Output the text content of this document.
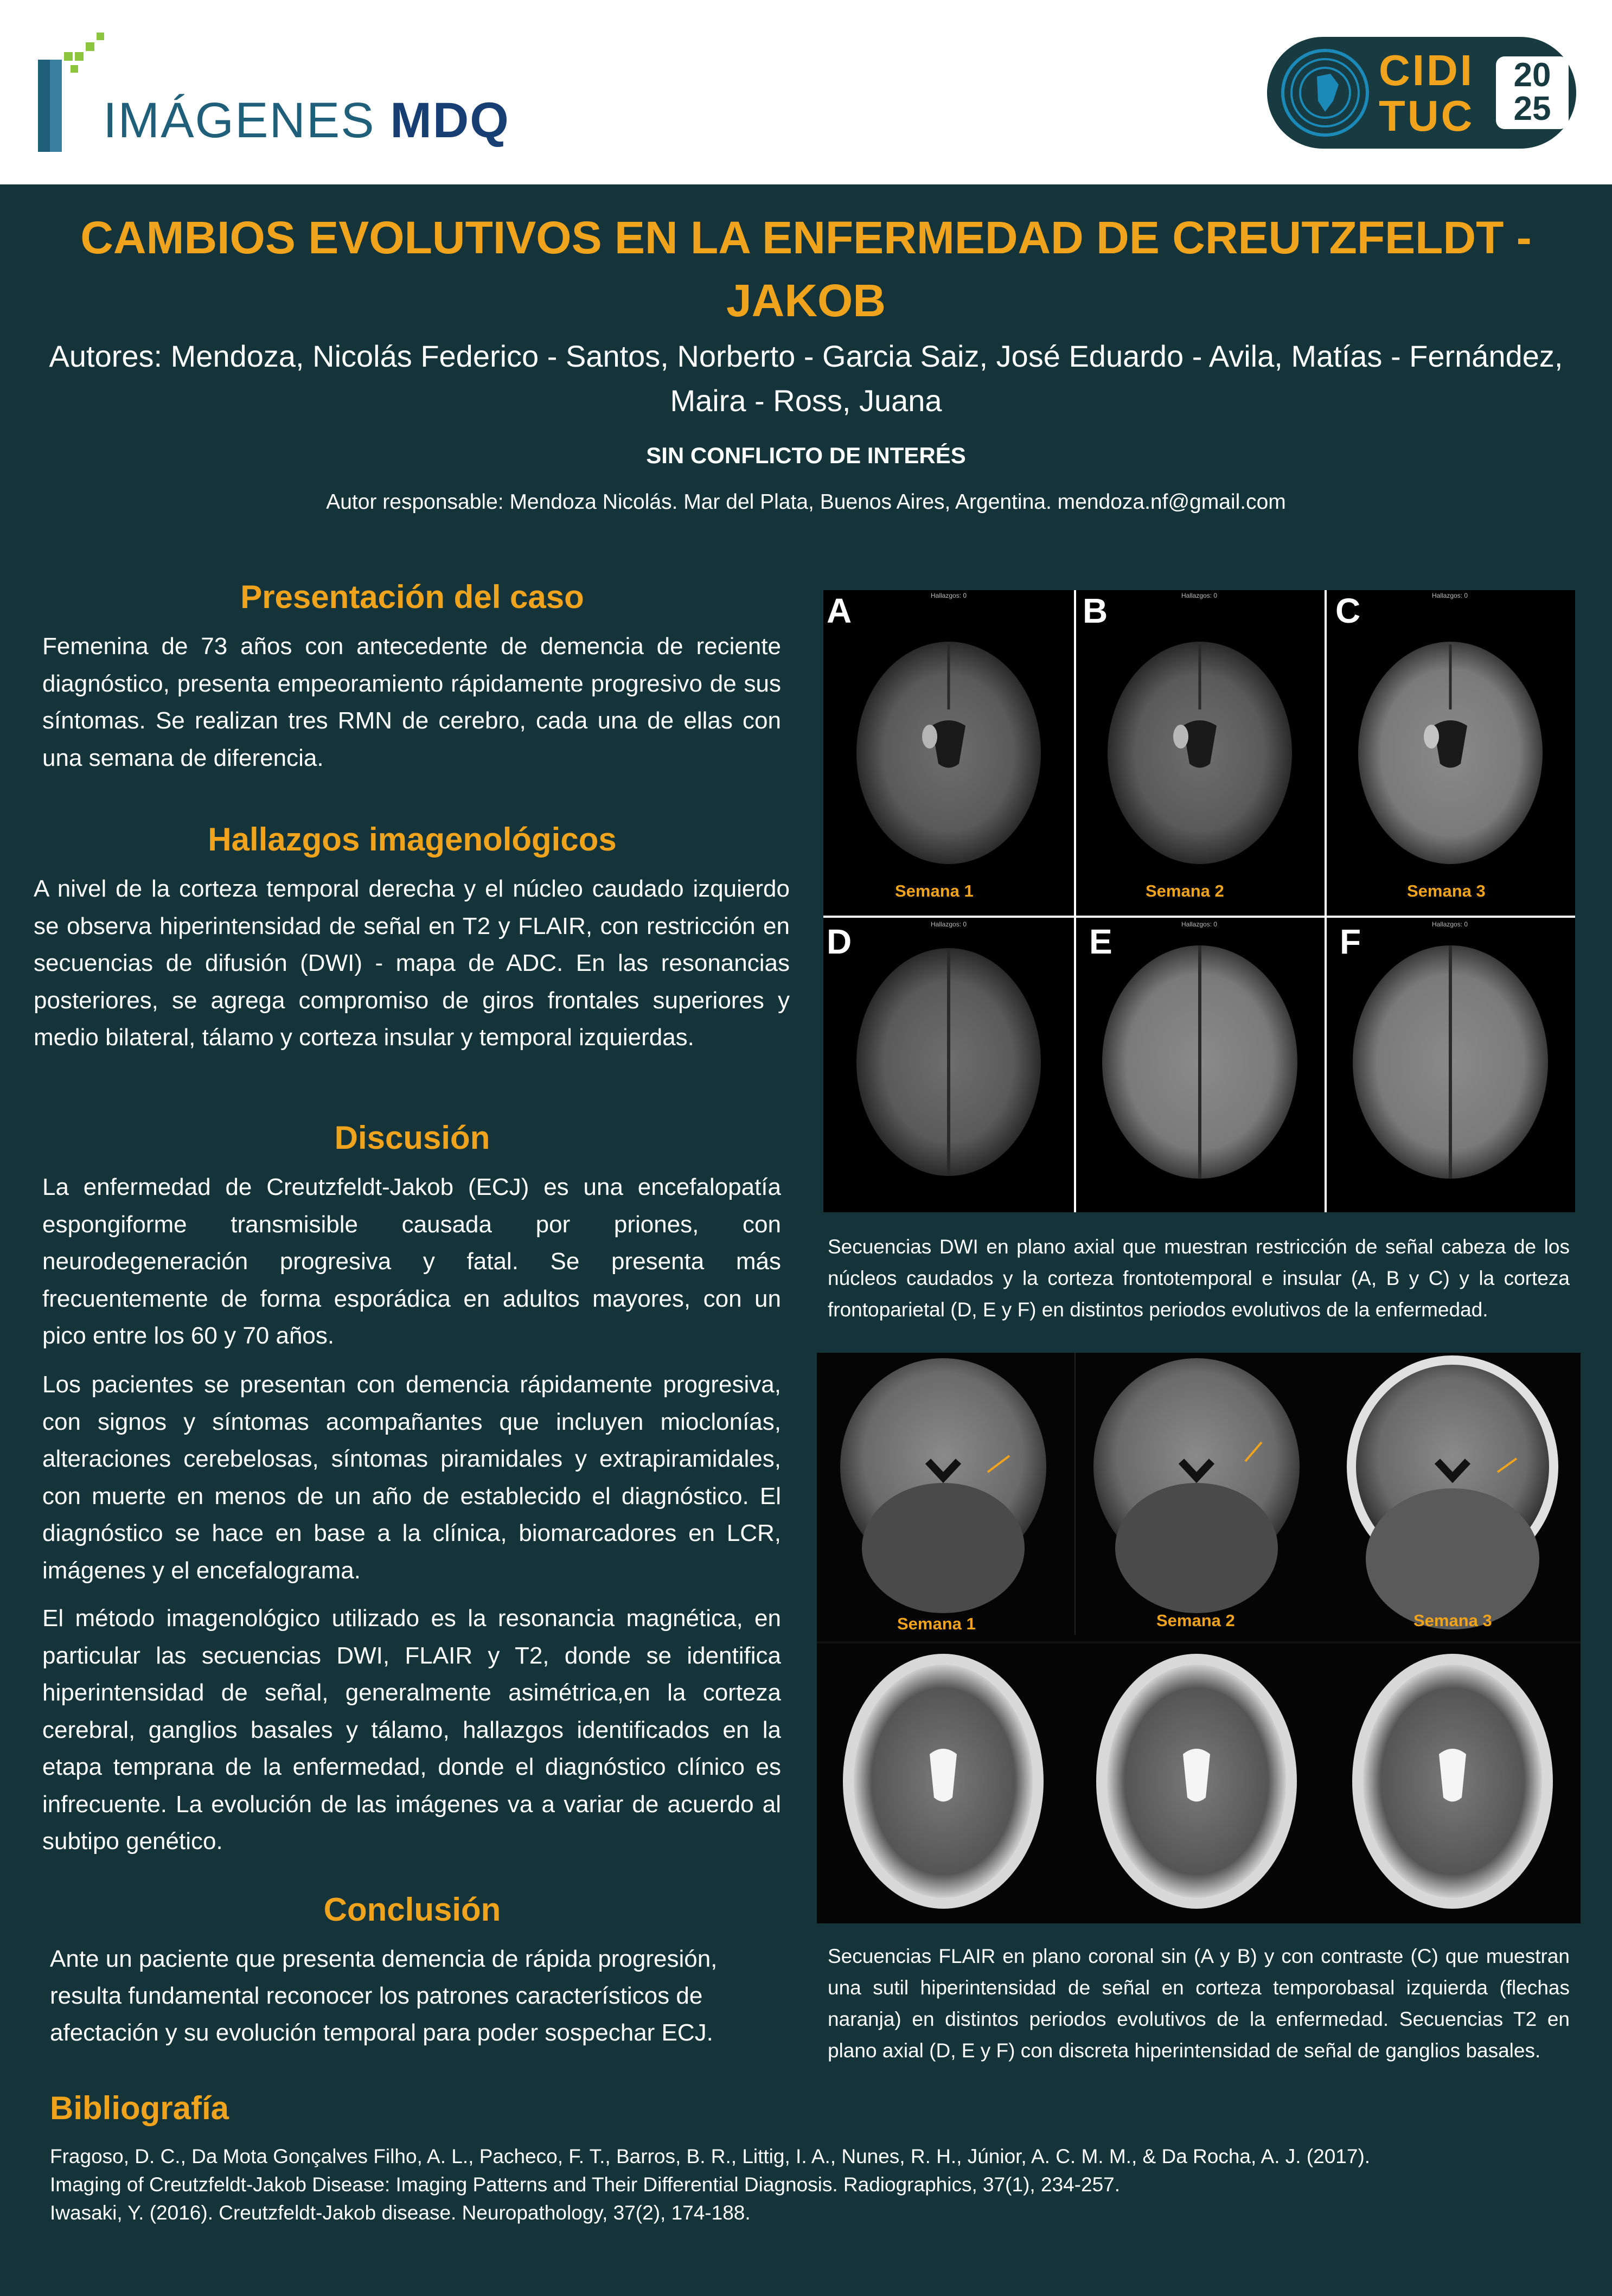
IMÁGENES MDQ
CIDI
TUC
20
25
CAMBIOS EVOLUTIVOS EN LA ENFERMEDAD DE CREUTZFELDT - JAKOB
Autores: Mendoza, Nicolás Federico - Santos, Norberto - Garcia Saiz, José Eduardo - Avila, Matías - Fernández, Maira - Ross, Juana
SIN CONFLICTO DE INTERÉS
Autor responsable: Mendoza Nicolás. Mar del Plata, Buenos Aires, Argentina. mendoza.nf@gmail.com
Presentación del caso

Femenina de 73 años con antecedente de demencia de reciente diagnóstico, presenta empeoramiento rápidamente progresivo de sus síntomas. Se realizan tres RMN de cerebro, cada una de ellas con una semana de diferencia.

Hallazgos imagenológicos

A nivel de la corteza temporal derecha y el núcleo caudado izquierdo se observa hiperintensidad de señal en T2 y FLAIR, con restricción en secuencias de difusión (DWI) - mapa de ADC. En las resonancias posteriores, se agrega compromiso de giros frontales superiores y medio bilateral, tálamo y corteza insular y temporal izquierdas.

Discusión

La enfermedad de Creutzfeldt-Jakob (ECJ) es una encefalopatía espongiforme transmisible causada por priones, con neurodegeneración progresiva y fatal. Se presenta más frecuentemente de forma esporádica en adultos mayores, con un pico entre los 60 y 70 años.

Los pacientes se presentan con demencia rápidamente progresiva, con signos y síntomas acompañantes que incluyen mioclonías, alteraciones cerebelosas, síntomas piramidales y extrapiramidales, con muerte en menos de un año de establecido el diagnóstico. El diagnóstico se hace en base a la clínica, biomarcadores en LCR, imágenes y el encefalograma.

El método imagenológico utilizado es la resonancia magnética, en particular las secuencias DWI, FLAIR y T2, donde se identifica hiperintensidad de señal, generalmente asimétrica,en la corteza cerebral, ganglios basales y tálamo, hallazgos identificados en la etapa temprana de la enfermedad, donde el diagnóstico clínico es infrecuente. La evolución de las imágenes va a variar de acuerdo al subtipo genético.

Conclusión

Ante un paciente que presenta demencia de rápida progresión, resulta fundamental reconocer los patrones característicos de afectación y su evolución temporal para poder sospechar ECJ.

Bibliografía
Fragoso, D. C., Da Mota Gonçalves Filho, A. L., Pacheco, F. T., Barros, B. R., Littig, I. A., Nunes, R. H., Júnior, A. C. M. M., & Da Rocha, A. J. (2017).
Imaging of Creutzfeldt-Jakob Disease: Imaging Patterns and Their Differential Diagnosis. Radiographics, 37(1), 234-257.
Iwasaki, Y. (2016). Creutzfeldt-Jakob disease. Neuropathology, 37(2), 174-188.
Hallazgos: 0	Hallazgos: 0	Hallazgos: 0
Hallazgos: 0	Hallazgos: 0	Hallazgos: 0
A	B	C
D	E	F
Semana 1	Semana 2	Semana 3
Secuencias DWI en plano axial que muestran restricción de señal cabeza de los núcleos caudados y la corteza frontotemporal e insular (A, B y C) y la corteza frontoparietal (D, E y F) en distintos periodos evolutivos de la enfermedad.
Semana 1	Semana 2	Semana 3
Secuencias FLAIR en plano coronal sin (A y B) y con contraste (C) que muestran una sutil hiperintensidad de señal en corteza temporobasal izquierda (flechas naranja) en distintos periodos evolutivos de la enfermedad. Secuencias T2 en plano axial (D, E y F) con discreta hiperintensidad de señal de ganglios basales.
